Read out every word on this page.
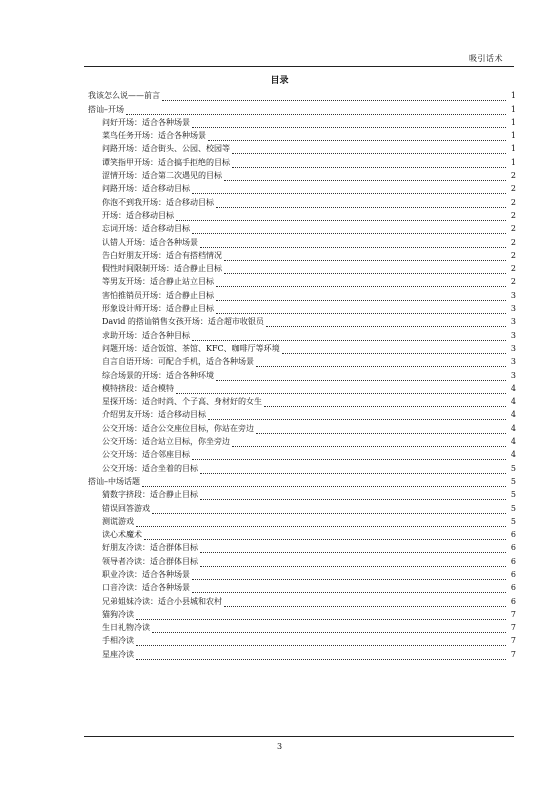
吸引话术
目录
我该怎么说——前言	1
搭讪–开场	1
问好开场：适合各种场景	1
菜鸟任务开场：适合各种场景	1
问路开场：适合街头、公园、校园等	1
谭笑指甲开场：适合搞手拒绝的目标	1
涩情开场：适合第二次遇见的目标	2
问路开场：适合移动目标	2
你泡不到我开场：适合移动目标	2
开场：适合移动目标	2
忘词开场：适合移动目标	2
认错人开场：适合各种场景	2
告白好朋友开场：适合有搭档情况	2
假性时间限制开场：适合静止目标	2
等男友开场：适合静止站立目标	2
害怕推销员开场：适合静止目标	3
形象设计师开场：适合静止目标	3
David 的搭讪销售女孩开场：适合超市收银员	3
求助开场：适合各种目标	3
问题开场：适合饭馆、茶馆、KFC、咖啡厅等环境	3
自言自语开场：可配合手机，适合各种场景	3
综合场景的开场：适合各种环境	3
模特挤段：适合模特	4
星探开场：适合时尚、个子高、身材好的女生	4
介绍男友开场：适合移动目标	4
公交开场：适合公交座位目标，你站在旁边	4
公交开场：适合站立目标，你坐旁边	4
公交开场：适合邻座目标	4
公交开场：适合坐着的目标	5
搭讪–中场话题	5
猜数字挤段：适合静止目标	5
错误回答游戏	5
测谎游戏	5
读心术魔术	6
好朋友冷读：适合群体目标	6
领导者冷读：适合群体目标	6
职业冷读：适合各种场景	6
口音冷读：适合各种场景	6
兄弟姐妹冷读：适合小县城和农村	6
猫狗冷读	7
生日礼物冷读	7
手相冷读	7
星座冷读	7
3
